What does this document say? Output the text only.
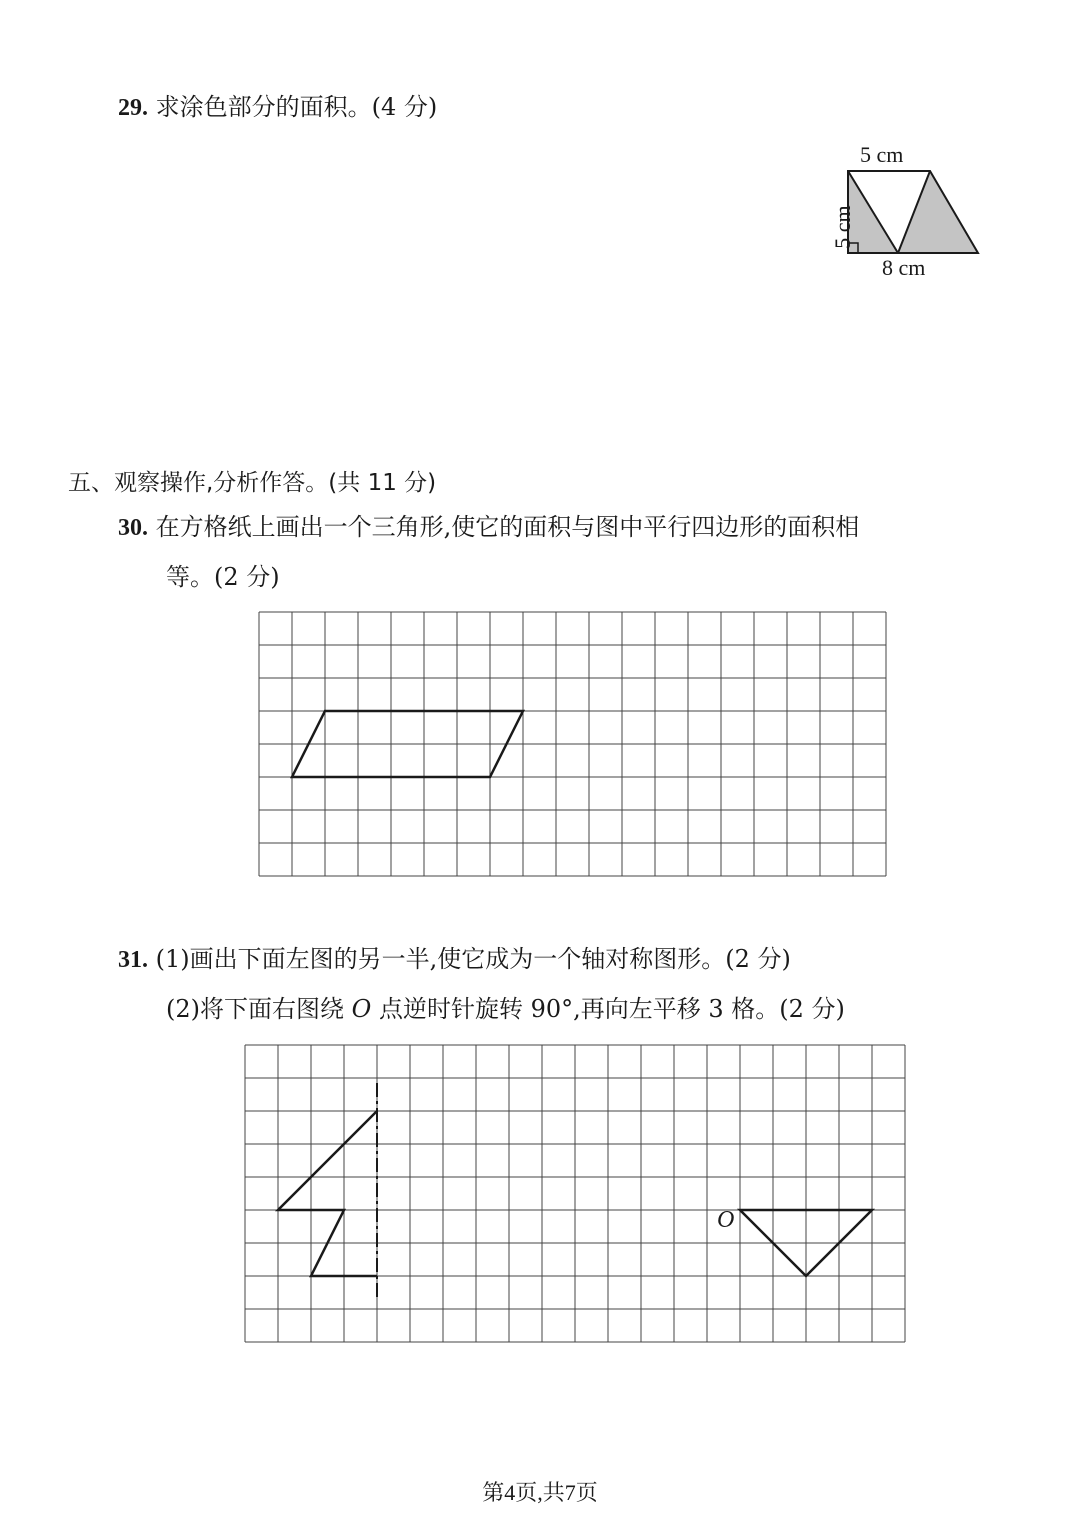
29. 求涂色部分的面积。(4 分)
5 cm
5 cm
8 cm
五、观察操作,分析作答。(共 11 分)
30. 在方格纸上画出一个三角形,使它的面积与图中平行四边形的面积相
等。(2 分)
31. (1)画出下面左图的另一半,使它成为一个轴对称图形。(2 分)
(2)将下面右图绕 O 点逆时针旋转 90°,再向左平移 3 格。(2 分)
O
第4页,共7页
